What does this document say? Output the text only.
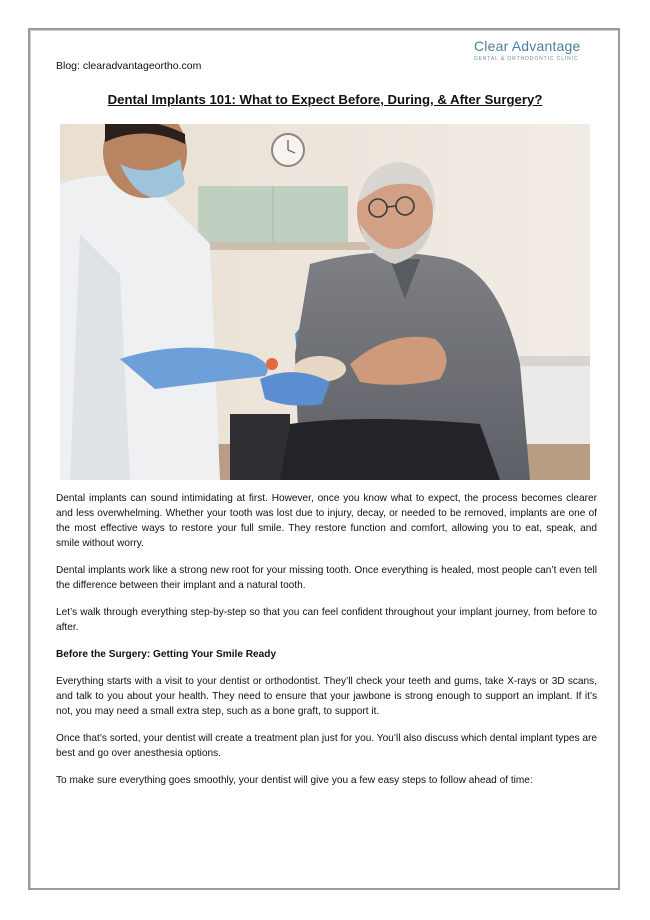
Clear Advantage
DENTAL & ORTHODONTIC CLINIC
Blog: clearadvantageortho.com
Dental Implants 101: What to Expect Before, During, & After Surgery?

Dental implants can sound intimidating at first. However, once you know what to expect, the process becomes clearer and less overwhelming. Whether your tooth was lost due to injury, decay, or needed to be removed, implants are one of the most effective ways to restore your full smile. They restore function and comfort, allowing you to eat, speak, and smile without worry.

Dental implants work like a strong new root for your missing tooth. Once everything is healed, most people can’t even tell the difference between their implant and a natural tooth.

Let’s walk through everything step-by-step so that you can feel confident throughout your implant journey, from before to after.

Before the Surgery: Getting Your Smile Ready

Everything starts with a visit to your dentist or orthodontist. They’ll check your teeth and gums, take X-rays or 3D scans, and talk to you about your health. They need to ensure that your jawbone is strong enough to support an implant. If it’s not, you may need a small extra step, such as a bone graft, to support it.

Once that’s sorted, your dentist will create a treatment plan just for you. You’ll also discuss which dental implant types are best and go over anesthesia options.

To make sure everything goes smoothly, your dentist will give you a few easy steps to follow ahead of time:
